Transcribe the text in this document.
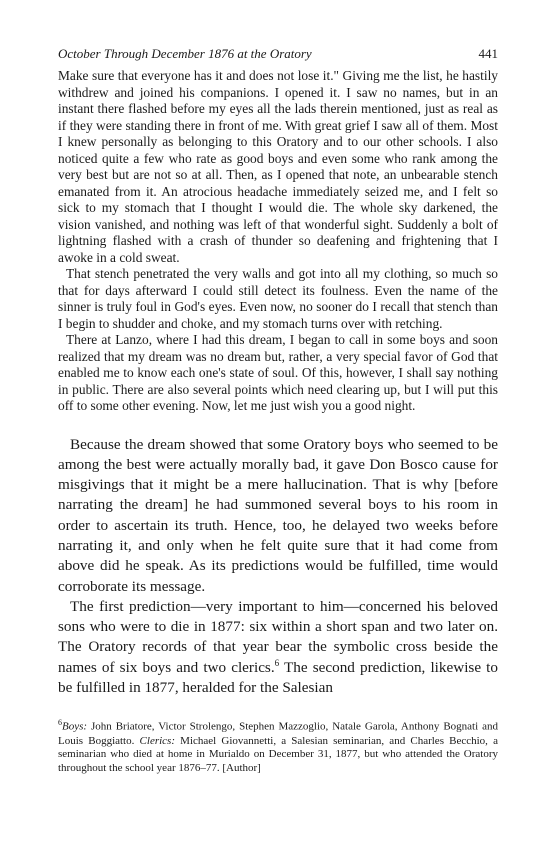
October Through December 1876 at the Oratory	441

Make sure that everyone has it and does not lose it." Giving me the list, he hastily withdrew and joined his companions. I opened it. I saw no names, but in an instant there flashed before my eyes all the lads therein mentioned, just as real as if they were standing there in front of me. With great grief I saw all of them. Most I knew personally as belonging to this Oratory and to our other schools. I also noticed quite a few who rate as good boys and even some who rank among the very best but are not so at all. Then, as I opened that note, an unbearable stench emanated from it. An atrocious headache immediately seized me, and I felt so sick to my stomach that I thought I would die. The whole sky darkened, the vision vanished, and nothing was left of that wonderful sight. Suddenly a bolt of lightning flashed with a crash of thunder so deafening and frightening that I awoke in a cold sweat.

That stench penetrated the very walls and got into all my clothing, so much so that for days afterward I could still detect its foulness. Even the name of the sinner is truly foul in God's eyes. Even now, no sooner do I recall that stench than I begin to shudder and choke, and my stomach turns over with retching.

There at Lanzo, where I had this dream, I began to call in some boys and soon realized that my dream was no dream but, rather, a very special favor of God that enabled me to know each one's state of soul. Of this, however, I shall say nothing in public. There are also several points which need clearing up, but I will put this off to some other evening. Now, let me just wish you a good night.

Because the dream showed that some Oratory boys who seemed to be among the best were actually morally bad, it gave Don Bosco cause for misgivings that it might be a mere hallucination. That is why [before narrating the dream] he had summoned several boys to his room in order to ascertain its truth. Hence, too, he delayed two weeks before narrating it, and only when he felt quite sure that it had come from above did he speak. As its predictions would be fulfilled, time would corroborate its message.

The first prediction—very important to him—concerned his beloved sons who were to die in 1877: six within a short span and two later on. The Oratory records of that year bear the symbolic cross beside the names of six boys and two clerics.$^6$ The second prediction, likewise to be fulfilled in 1877, heralded for the Salesian

$^6$Boys: John Briatore, Victor Strolengo, Stephen Mazzoglio, Natale Garola, Anthony Bognati and Louis Boggiatto. Clerics: Michael Giovannetti, a Salesian seminarian, and Charles Becchio, a seminarian who died at home in Murialdo on December 31, 1877, but who attended the Oratory throughout the school year 1876–77. [Author]
